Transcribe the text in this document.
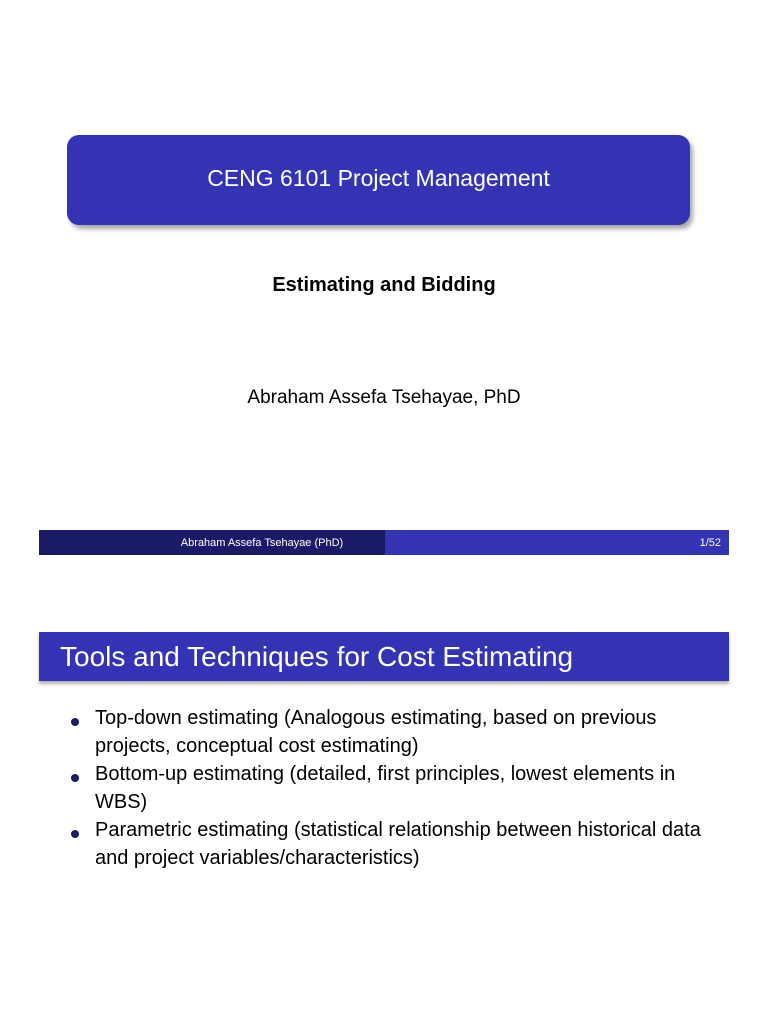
CENG 6101 Project Management
Estimating and Bidding
Abraham Assefa Tsehayae, PhD
Abraham Assefa Tsehayae (PhD)	1/52
Tools and Techniques for Cost Estimating
Top-down estimating (Analogous estimating, based on previous projects, conceptual cost estimating)
Bottom-up estimating (detailed, first principles, lowest elements in WBS)
Parametric estimating (statistical relationship between historical data and project variables/characteristics)
